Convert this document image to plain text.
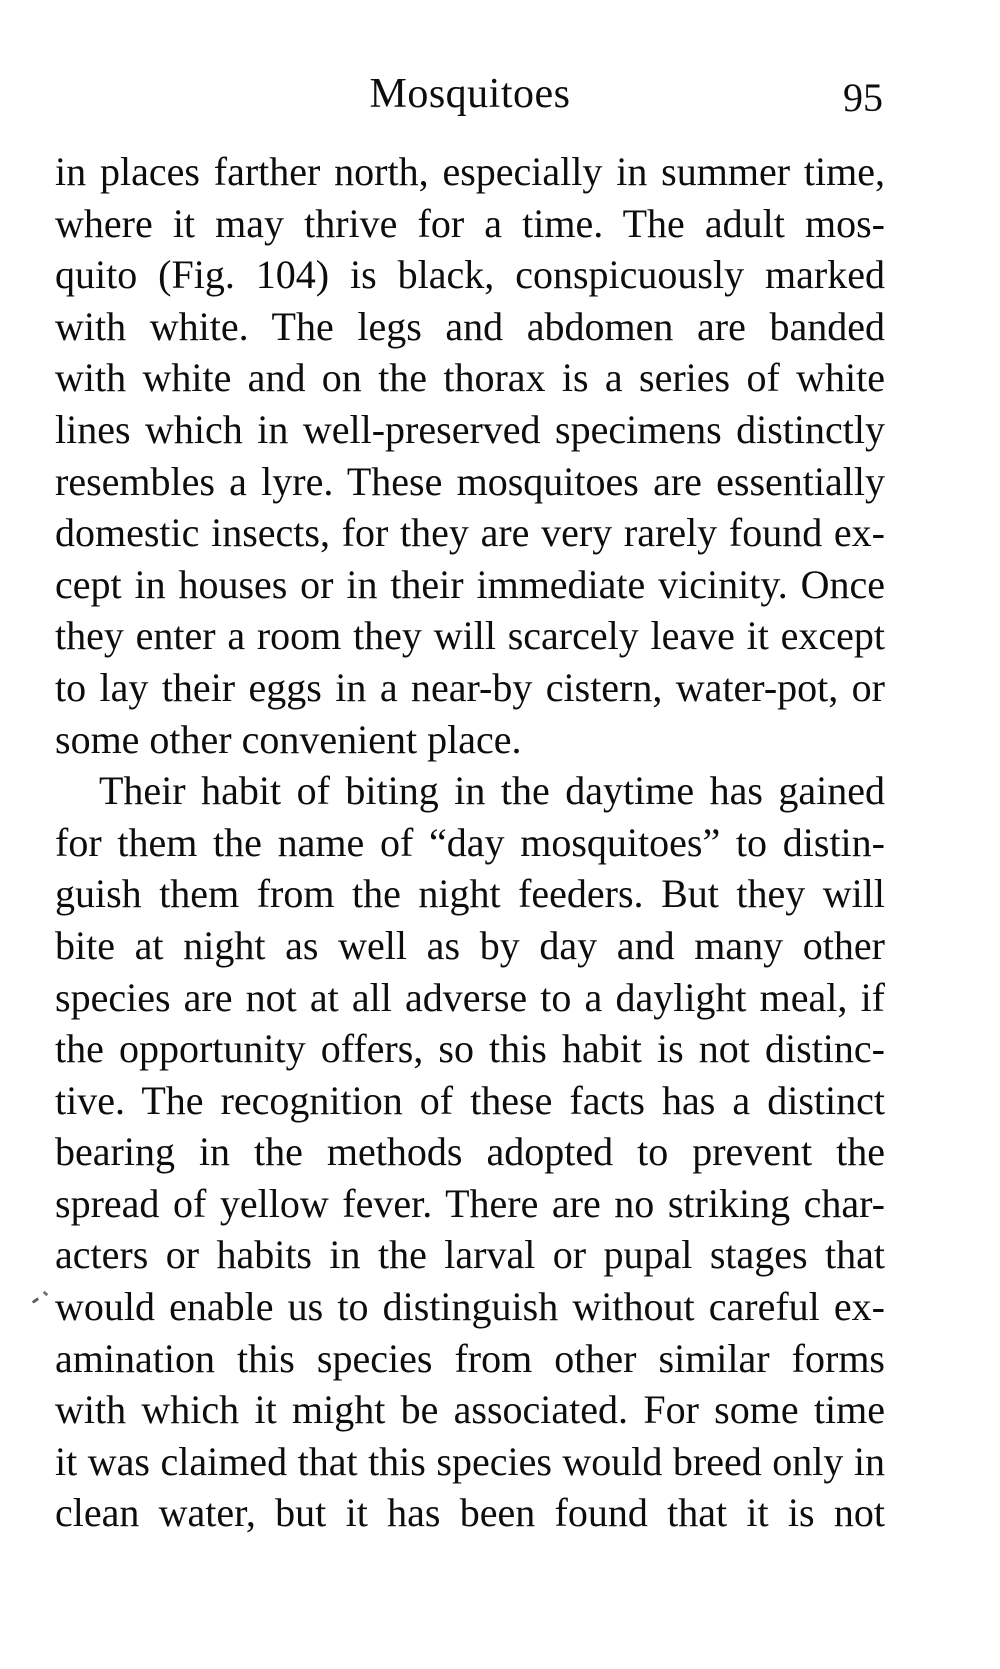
Mosquitoes	95
in places farther north, especially in summer time,
where it may thrive for a time. The adult mos-
quito (Fig. 104) is black, conspicuously marked
with white. The legs and abdomen are banded
with white and on the thorax is a series of white
lines which in well-preserved specimens distinctly
resembles a lyre. These mosquitoes are essentially
domestic insects, for they are very rarely found ex-
cept in houses or in their immediate vicinity. Once
they enter a room they will scarcely leave it except
to lay their eggs in a near-by cistern, water-pot, or
some other convenient place.
Their habit of biting in the daytime has gained
for them the name of “day mosquitoes” to distin-
guish them from the night feeders. But they will
bite at night as well as by day and many other
species are not at all adverse to a daylight meal, if
the opportunity offers, so this habit is not distinc-
tive. The recognition of these facts has a distinct
bearing in the methods adopted to prevent the
spread of yellow fever. There are no striking char-
acters or habits in the larval or pupal stages that
would enable us to distinguish without careful ex-
amination this species from other similar forms
with which it might be associated. For some time
it was claimed that this species would breed only in
clean water, but it has been found that it is not
